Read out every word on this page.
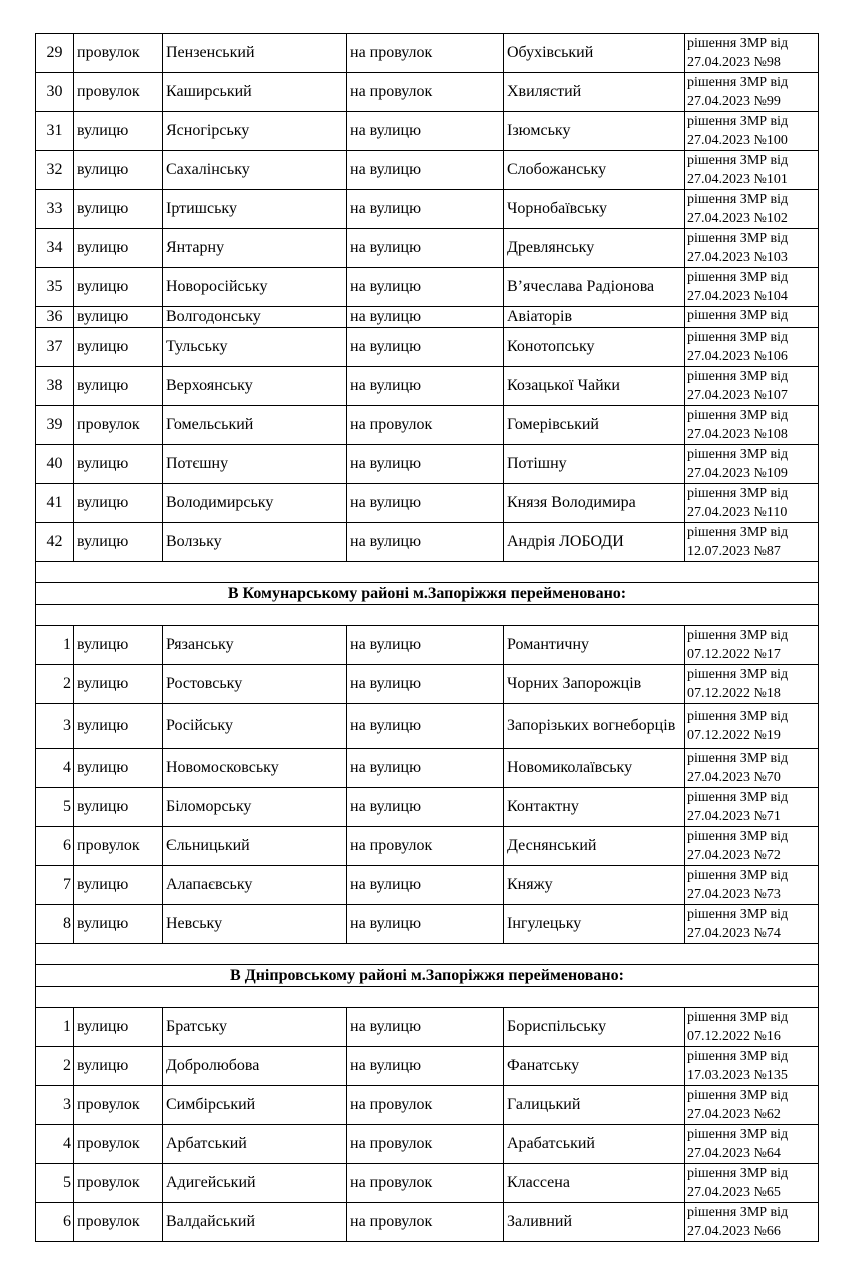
29	провулок	Пензенський	на провулок	Обухівський	рішення ЗМР від
27.04.2023 №98

30	провулок	Каширський	на провулок	Хвилястий	рішення ЗМР від
27.04.2023 №99

31	вулицю	Ясногірську	на вулицю	Ізюмську	рішення ЗМР від
27.04.2023 №100

32	вулицю	Сахалінську	на вулицю	Слобожанську	рішення ЗМР від
27.04.2023 №101

33	вулицю	Іртишську	на вулицю	Чорнобаївську	рішення ЗМР від
27.04.2023 №102

34	вулицю	Янтарну	на вулицю	Древлянську	рішення ЗМР від
27.04.2023 №103

35	вулицю	Новоросійську	на вулицю	В’ячеслава Радіонова	рішення ЗМР від
27.04.2023 №104

36	вулицю	Волгодонську	на вулицю	Авіаторів	рішення ЗМР від

37	вулицю	Тульську	на вулицю	Конотопську	рішення ЗМР від
27.04.2023 №106

38	вулицю	Верхоянську	на вулицю	Козацької Чайки	рішення ЗМР від
27.04.2023 №107

39	провулок	Гомельський	на провулок	Гомерівський	рішення ЗМР від
27.04.2023 №108

40	вулицю	Потєшну	на вулицю	Потішну	рішення ЗМР від
27.04.2023 №109

41	вулицю	Володимирську	на вулицю	Князя Володимира	рішення ЗМР від
27.04.2023 №110

42	вулицю	Волзьку	на вулицю	Андрія ЛОБОДИ	рішення ЗМР від
12.07.2023 №87

В Комунарському районі м.Запоріжжя перейменовано:					

1	вулицю	Рязанську	на вулицю	Романтичну	рішення ЗМР від
07.12.2022 №17

2	вулицю	Ростовську	на вулицю	Чорних Запорожців	рішення ЗМР від
07.12.2022 №18

3	вулицю	Російську	на вулицю	Запорізьких вогнеборців	рішення ЗМР від
07.12.2022 №19

4	вулицю	Новомосковську	на вулицю	Новомиколаївську	рішення ЗМР від
27.04.2023 №70

5	вулицю	Біломорську	на вулицю	Контактну	рішення ЗМР від
27.04.2023 №71

6	провулок	Єльницький	на провулок	Деснянський	рішення ЗМР від
27.04.2023 №72

7	вулицю	Алапаєвську	на вулицю	Княжу	рішення ЗМР від
27.04.2023 №73

8	вулицю	Невську	на вулицю	Інгулецьку	рішення ЗМР від
27.04.2023 №74

В Дніпровському районі м.Запоріжжя перейменовано:					

1	вулицю	Братську	на вулицю	Бориспільську	рішення ЗМР від
07.12.2022 №16

2	вулицю	Добролюбова	на вулицю	Фанатську	рішення ЗМР від
17.03.2023 №135

3	провулок	Симбірський	на провулок	Галицький	рішення ЗМР від
27.04.2023 №62

4	провулок	Арбатський	на провулок	Арабатський	рішення ЗМР від
27.04.2023 №64

5	провулок	Адигейський	на провулок	Классена	рішення ЗМР від
27.04.2023 №65

6	провулок	Валдайський	на провулок	Заливний	рішення ЗМР від
27.04.2023 №66
